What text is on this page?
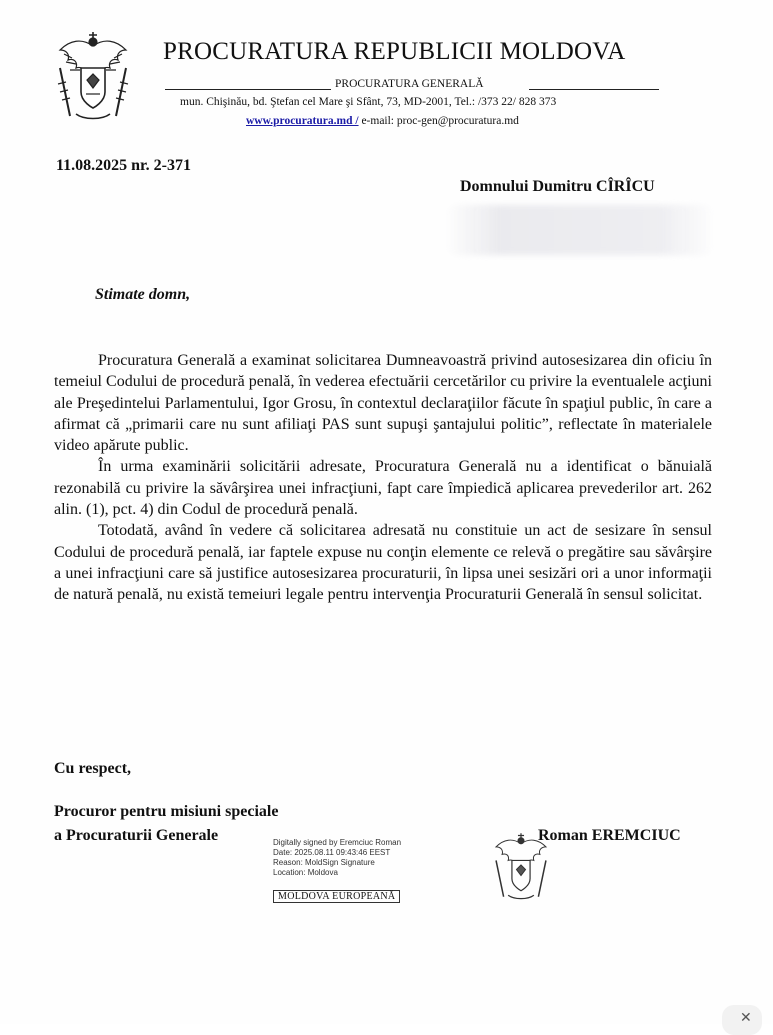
PROCURATURA REPUBLICII MOLDOVA
PROCURATURA GENERALĂ
mun. Chişinău, bd. Ştefan cel Mare şi Sfânt, 73, MD-2001, Tel.: /373 22/ 828 373
www.procuratura.md / e-mail: proc-gen@procuratura.md
11.08.2025 nr. 2-371
Domnului Dumitru CÎRÎCU
Stimate domn,

Procuratura Generală a examinat solicitarea Dumneavoastră privind autosesizarea din oficiu în temeiul Codului de procedură penală, în vederea efectuării cercetărilor cu privire la eventualele acţiuni ale Preşedintelui Parlamentului, Igor Grosu, în contextul declaraţiilor făcute în spaţiul public, în care a afirmat că „primarii care nu sunt afiliaţi PAS sunt supuşi şantajului politic”, reflectate în materialele video apărute public.

În urma examinării solicitării adresate, Procuratura Generală nu a identificat o bănuială rezonabilă cu privire la săvârşirea unei infracţiuni, fapt care împiedică aplicarea prevederilor art. 262 alin. (1), pct. 4) din Codul de procedură penală.

Totodată, având în vedere că solicitarea adresată nu constituie un act de sesizare în sensul Codului de procedură penală, iar faptele expuse nu conţin elemente ce relevă o pregătire sau săvârşire a unei infracţiuni care să justifice autosesizarea procuraturii, în lipsa unei sesizări ori a unor informaţii de natură penală, nu există temeiuri legale pentru intervenţia Procuraturii Generală în sensul solicitat.

Cu respect,
Procuror pentru misiuni speciale
a Procuraturii Generale	Digitally signed by Eremciuc Roman
Date: 2025.08.11 09:43:46 EEST
Reason: MoldSign Signature
Location: Moldova
MOLDOVA EUROPEANĂ
Roman EREMCIUC
✕
